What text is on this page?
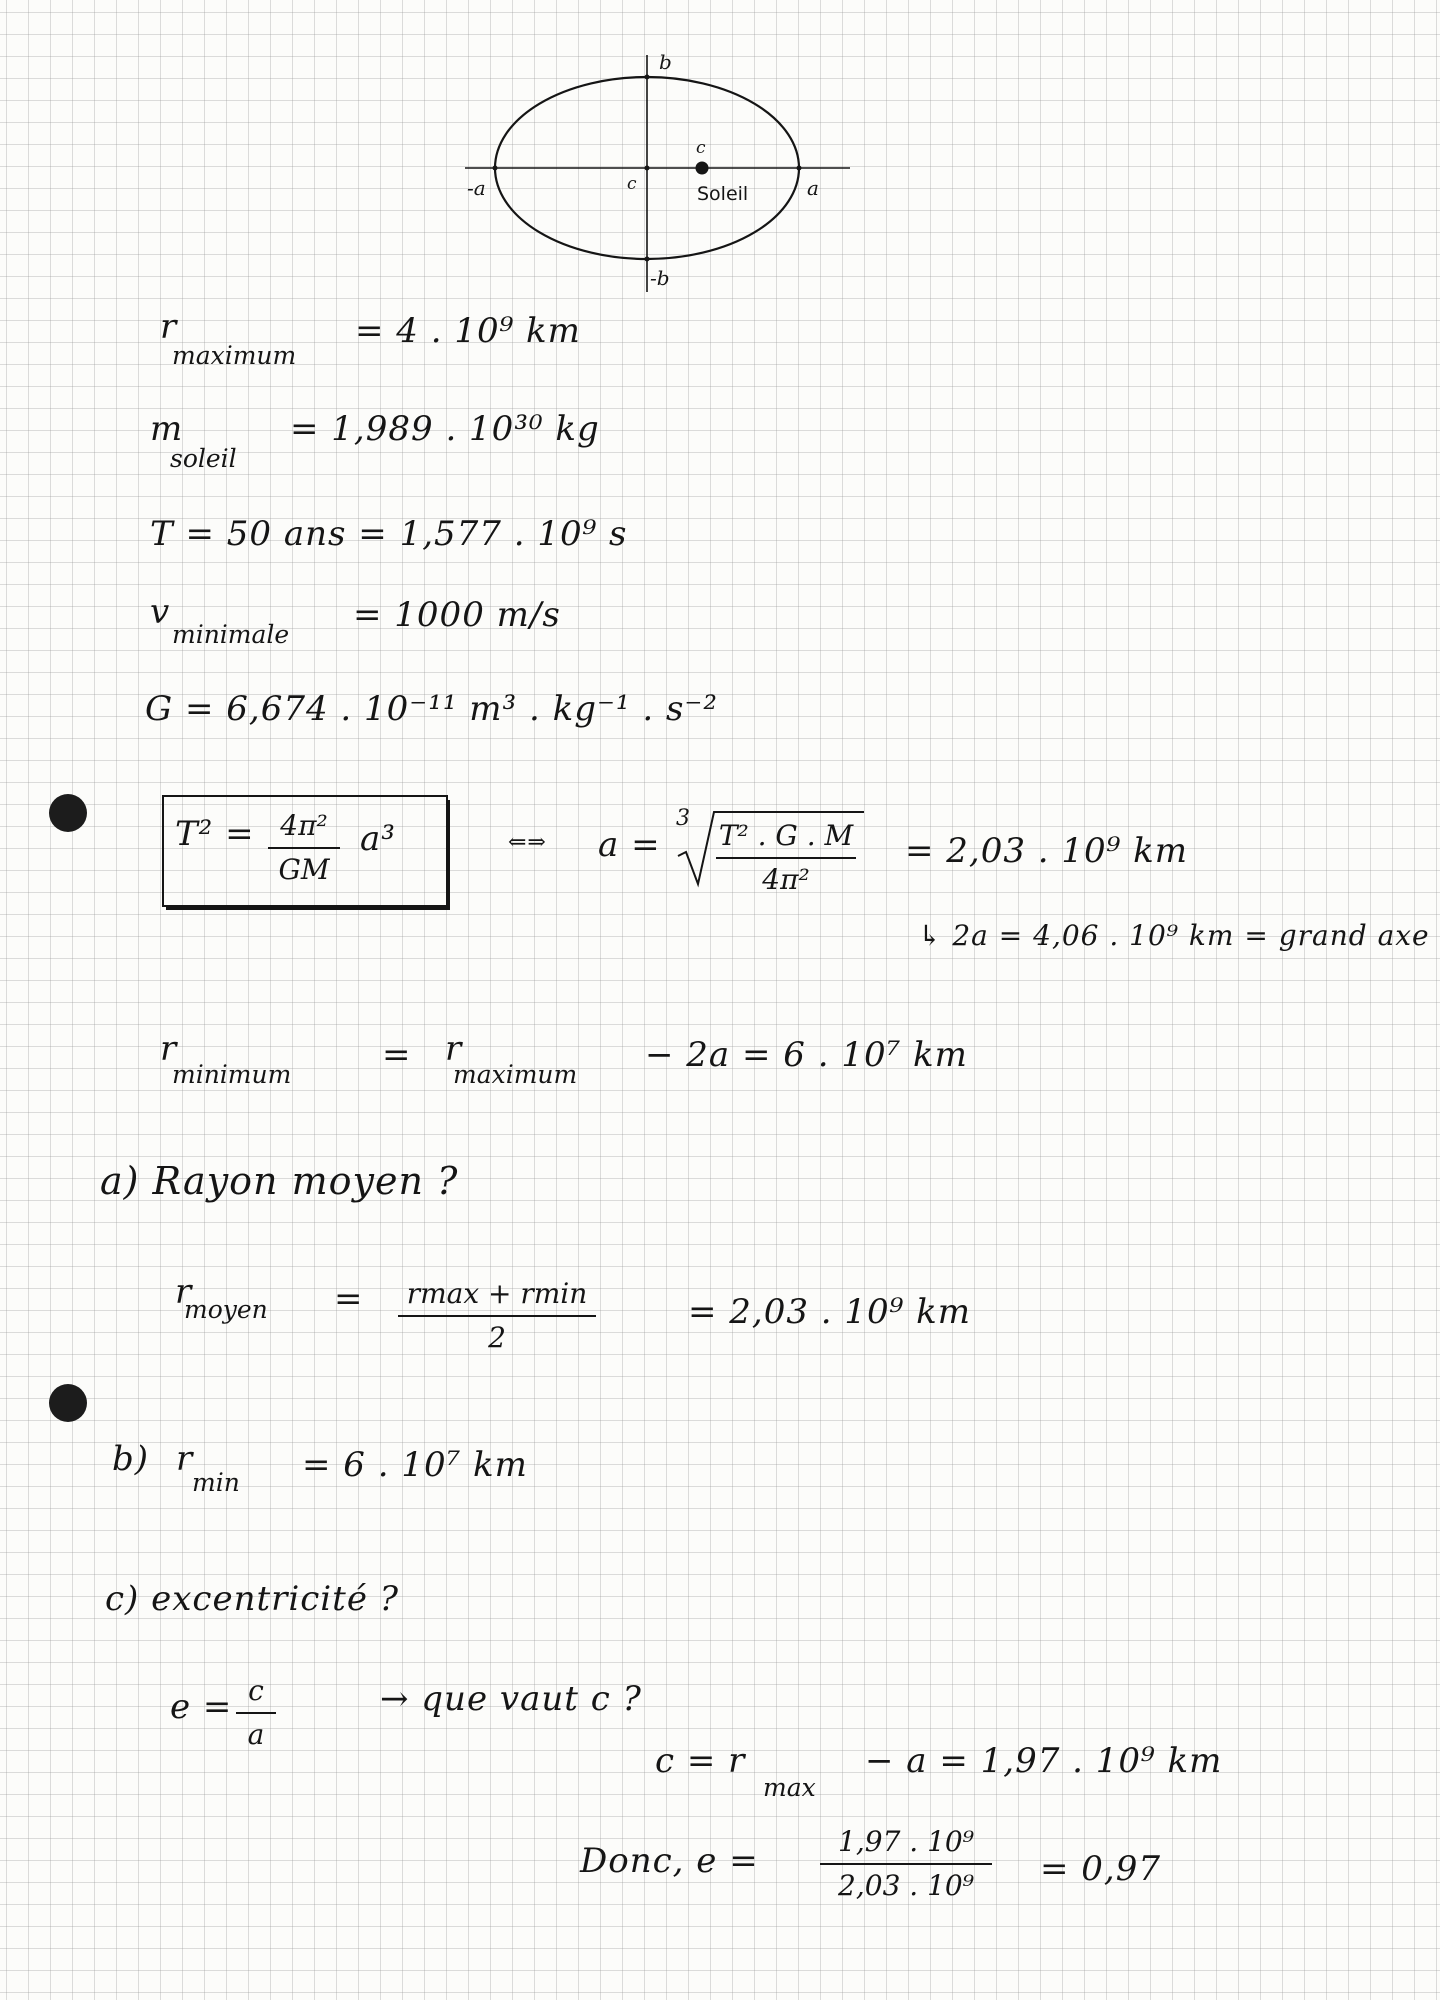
b
-b
-a	a
c
c
Soleil
r
maximum
= 4 . 10⁹ km
m
soleil
= 1,989 . 10³⁰ kg
T = 50 ans = 1,577 . 10⁹ s
v
minimale = 1000 m/s
G = 6,674 . 10⁻¹¹ m³ . kg⁻¹ . s⁻²
T² = 4π²
GM
a³	⇐⇒ a =
3
T² . G . M
4π²
= 2,03 . 10⁹ km
↳ 2a = 4,06 . 10⁹ km = grand axe
r
minimum	= r
maximum − 2a = 6 . 10⁷ km
a) Rayon moyen ?
r
moyen =	rmax + rmin
2
= 2,03 . 10⁹ km
b) r
min = 6 . 10⁷ km
c) excentricité ?
e = c
a
→ que vaut c ?
c = r
max
− a = 1,97 . 10⁹ km
Donc, e =	1,97 . 10⁹
2,03 . 10⁹	= 0,97
